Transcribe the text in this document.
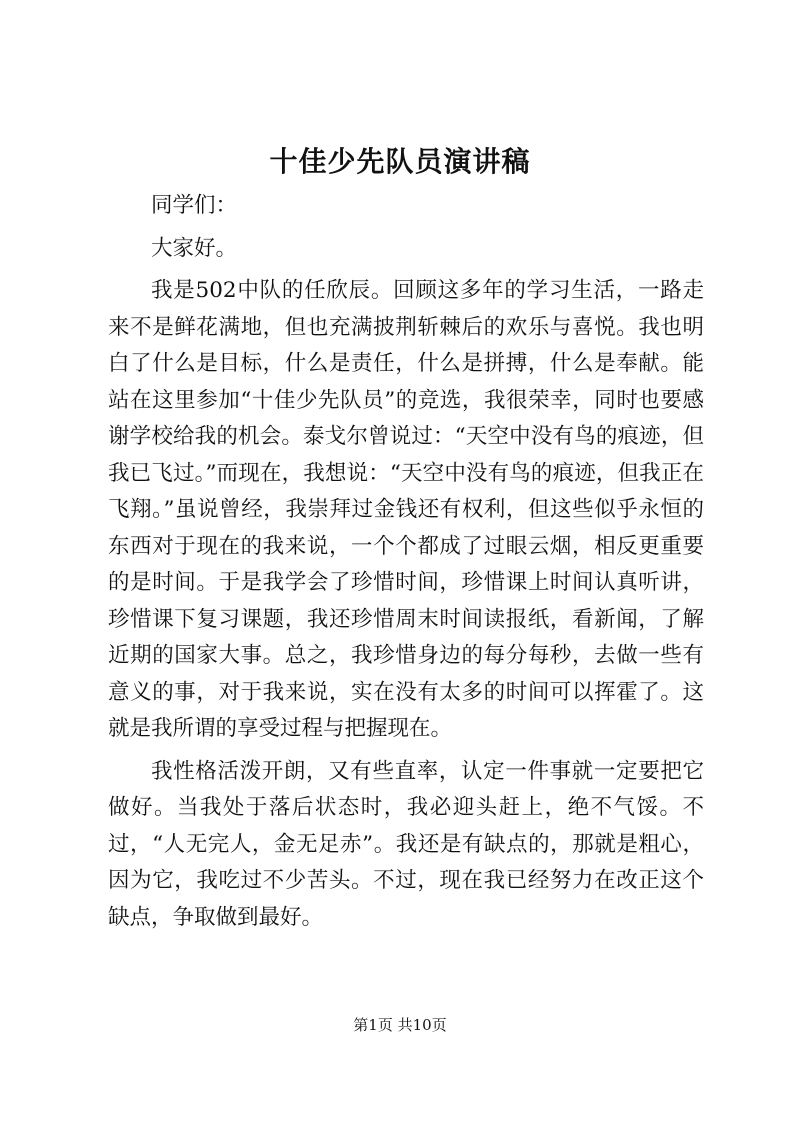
十佳少先队员演讲稿

同学们：

大家好。

我是502中队的任欣辰。回顾这多年的学习生活，一路走来不是鲜花满地，但也充满披荆斩棘后的欢乐与喜悦。我也明白了什么是目标，什么是责任，什么是拼搏，什么是奉献。能站在这里参加“十佳少先队员”的竞选，我很荣幸，同时也要感谢学校给我的机会。泰戈尔曾说过：“天空中没有鸟的痕迹，但我已飞过。”而现在，我想说：“天空中没有鸟的痕迹，但我正在飞翔。”虽说曾经，我崇拜过金钱还有权利，但这些似乎永恒的东西对于现在的我来说，一个个都成了过眼云烟，相反更重要的是时间。于是我学会了珍惜时间，珍惜课上时间认真听讲，珍惜课下复习课题，我还珍惜周末时间读报纸，看新闻，了解近期的国家大事。总之，我珍惜身边的每分每秒，去做一些有意义的事，对于我来说，实在没有太多的时间可以挥霍了。这就是我所谓的享受过程与把握现在。

我性格活泼开朗，又有些直率，认定一件事就一定要把它做好。当我处于落后状态时，我必迎头赶上，绝不气馁。不过，“人无完人，金无足赤”。我还是有缺点的，那就是粗心，因为它，我吃过不少苦头。不过，现在我已经努力在改正这个缺点，争取做到最好。

第1页 共10页
